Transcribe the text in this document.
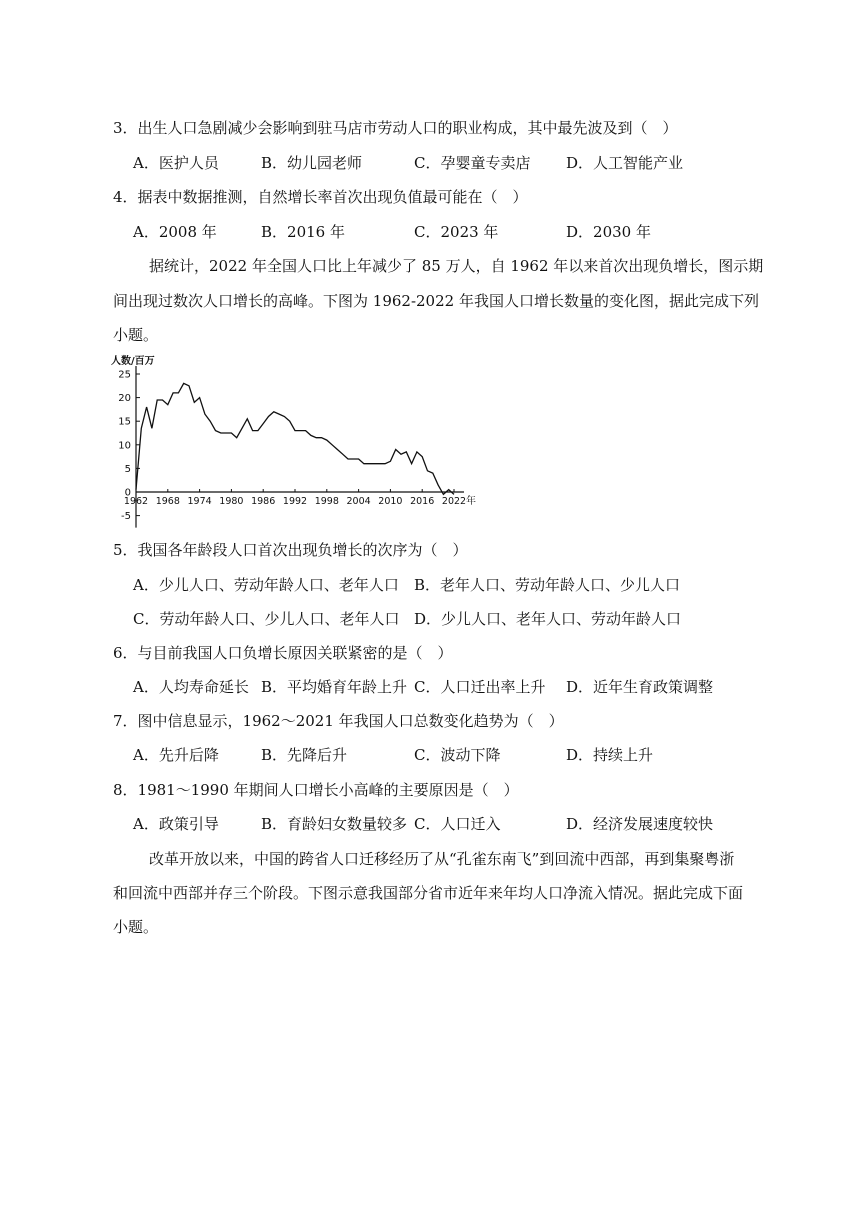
3．出生人口急剧减少会影响到驻马店市劳动人口的职业构成，其中最先波及到（　）
A．医护人员	B．幼儿园老师	C．孕婴童专卖店 D．人工智能产业
4．据表中数据推测，自然增长率首次出现负值最可能在（　）
A．2008 年	B．2016 年	C．2023 年	D．2030 年
据统计，2022 年全国人口比上年减少了 85 万人，自 1962 年以来首次出现负增长，图示期
间出现过数次人口增长的高峰。下图为 1962-2022 年我国人口增长数量的变化图，据此完成下列
小题。
人数/百万
25
20
15
10
5
0
-5
1962 1968 1974 1980 1986 1992 1998 2004 2010 2016 2022 年
5．我国各年龄段人口首次出现负增长的次序为（　）
A．少儿人口、劳动年龄人口、老年人口 B．老年人口、劳动年龄人口、少儿人口
C．劳动年龄人口、少儿人口、老年人口 D．少儿人口、老年人口、劳动年龄人口
6．与目前我国人口负增长原因关联紧密的是（　）
A．人均寿命延长 B．平均婚育年龄上升 C．人口迁出率上升 D．近年生育政策调整
7．图中信息显示，1962～2021 年我国人口总数变化趋势为（　）
A．先升后降	B．先降后升	C．波动下降	D．持续上升
8．1981～1990 年期间人口增长小高峰的主要原因是（　）
A．政策引导	B．育龄妇女数量较多 C．人口迁入	D．经济发展速度较快
改革开放以来，中国的跨省人口迁移经历了从“孔雀东南飞”到回流中西部，再到集聚粤浙
和回流中西部并存三个阶段。下图示意我国部分省市近年来年均人口净流入情况。据此完成下面
小题。
